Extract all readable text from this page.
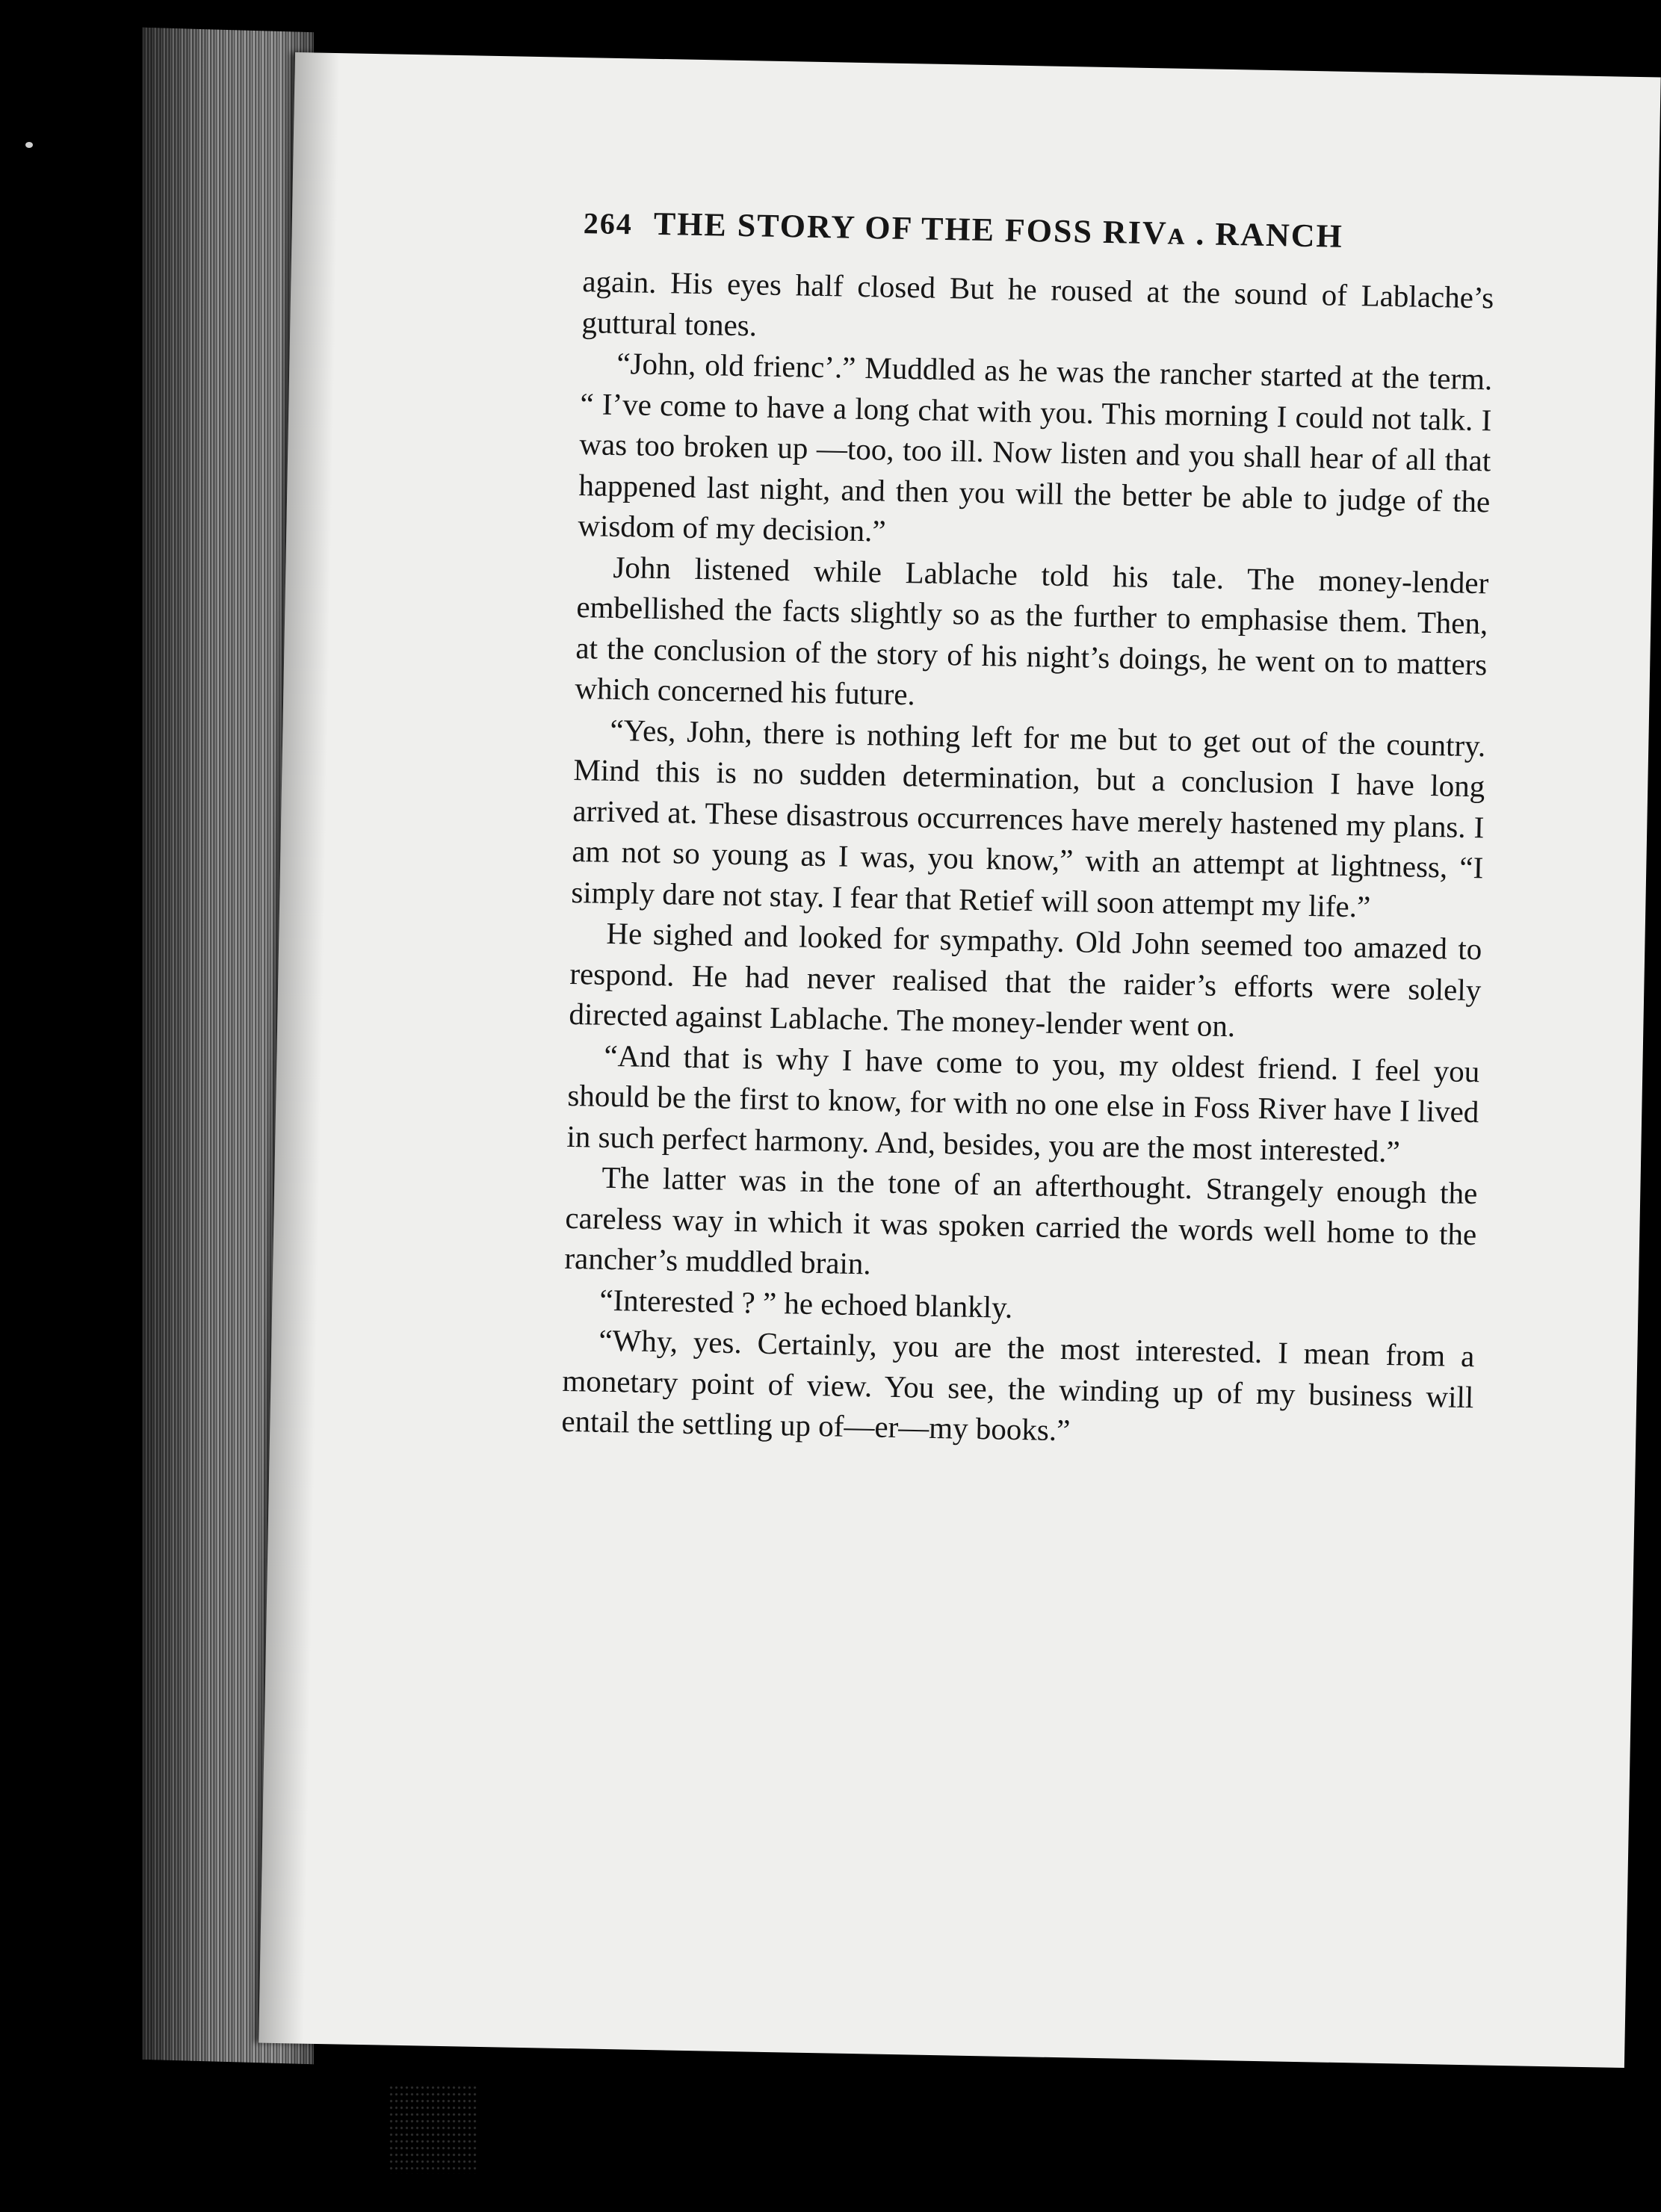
264 THE STORY OF THE FOSS RIVᴀ . RANCH

again. His eyes half closed But he roused at the sound of Lablache’s guttural tones.

“John, old frienc’.” Muddled as he was the rancher started at the term. “ I’ve come to have a long chat with you. This morning I could not talk. I was too broken up —too, too ill. Now listen and you shall hear of all that happened last night, and then you will the better be able to judge of the wisdom of my decision.”

John listened while Lablache told his tale. The money-lender embellished the facts slightly so as the further to emphasise them. Then, at the conclusion of the story of his night’s doings, he went on to matters which concerned his future.

“Yes, John, there is nothing left for me but to get out of the country. Mind this is no sudden determination, but a conclusion I have long arrived at. These disastrous occurrences have merely hastened my plans. I am not so young as I was, you know,” with an attempt at lightness, “I simply dare not stay. I fear that Retief will soon attempt my life.”

He sighed and looked for sympathy. Old John seemed too amazed to respond. He had never realised that the raider’s efforts were solely directed against Lablache. The money-lender went on.

“And that is why I have come to you, my oldest friend. I feel you should be the first to know, for with no one else in Foss River have I lived in such perfect harmony. And, besides, you are the most interested.”

The latter was in the tone of an afterthought. Strangely enough the careless way in which it was spoken carried the words well home to the rancher’s muddled brain.

“Interested ? ” he echoed blankly.

“Why, yes. Certainly, you are the most interested. I mean from a monetary point of view. You see, the winding up of my business will entail the settling up of—er—my books.”
